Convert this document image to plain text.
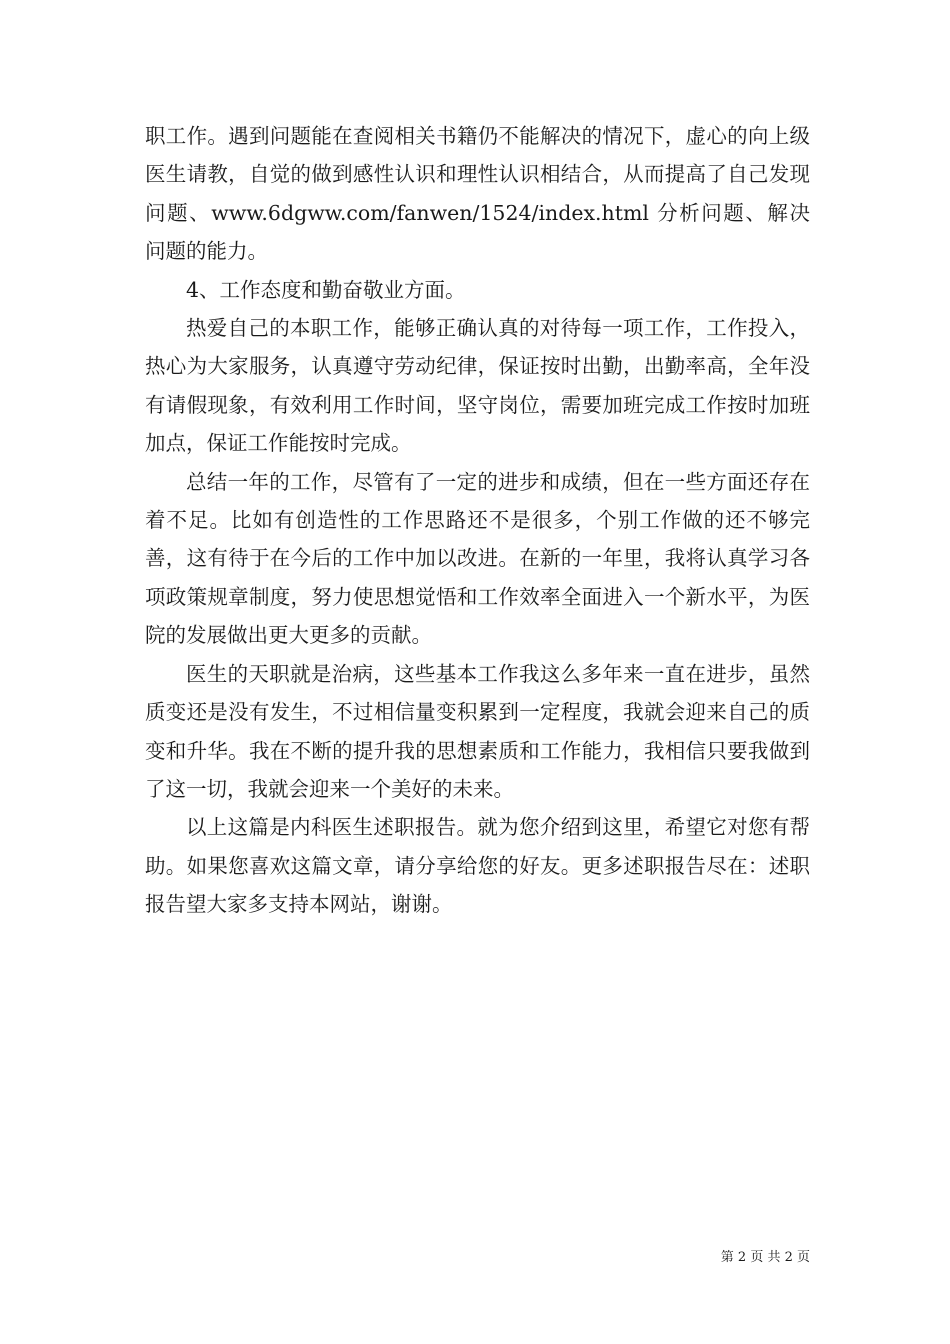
职工作。遇到问题能在查阅相关书籍仍不能解决的情况下，虚心的向上级医生请教，自觉的做到感性认识和理性认识相结合，从而提高了自己发现问题、www.6dgww.com/fanwen/1524/index.html 分析问题、解决问题的能力。

4、工作态度和勤奋敬业方面。

热爱自己的本职工作，能够正确认真的对待每一项工作，工作投入，热心为大家服务，认真遵守劳动纪律，保证按时出勤，出勤率高，全年没有请假现象，有效利用工作时间，坚守岗位，需要加班完成工作按时加班加点，保证工作能按时完成。

总结一年的工作，尽管有了一定的进步和成绩，但在一些方面还存在着不足。比如有创造性的工作思路还不是很多，个别工作做的还不够完善，这有待于在今后的工作中加以改进。在新的一年里，我将认真学习各项政策规章制度，努力使思想觉悟和工作效率全面进入一个新水平，为医院的发展做出更大更多的贡献。

医生的天职就是治病，这些基本工作我这么多年来一直在进步，虽然质变还是没有发生，不过相信量变积累到一定程度，我就会迎来自己的质变和升华。我在不断的提升我的思想素质和工作能力，我相信只要我做到了这一切，我就会迎来一个美好的未来。

以上这篇是内科医生述职报告。就为您介绍到这里，希望它对您有帮助。如果您喜欢这篇文章，请分享给您的好友。更多述职报告尽在：述职报告望大家多支持本网站，谢谢。

第 2 页 共 2 页
